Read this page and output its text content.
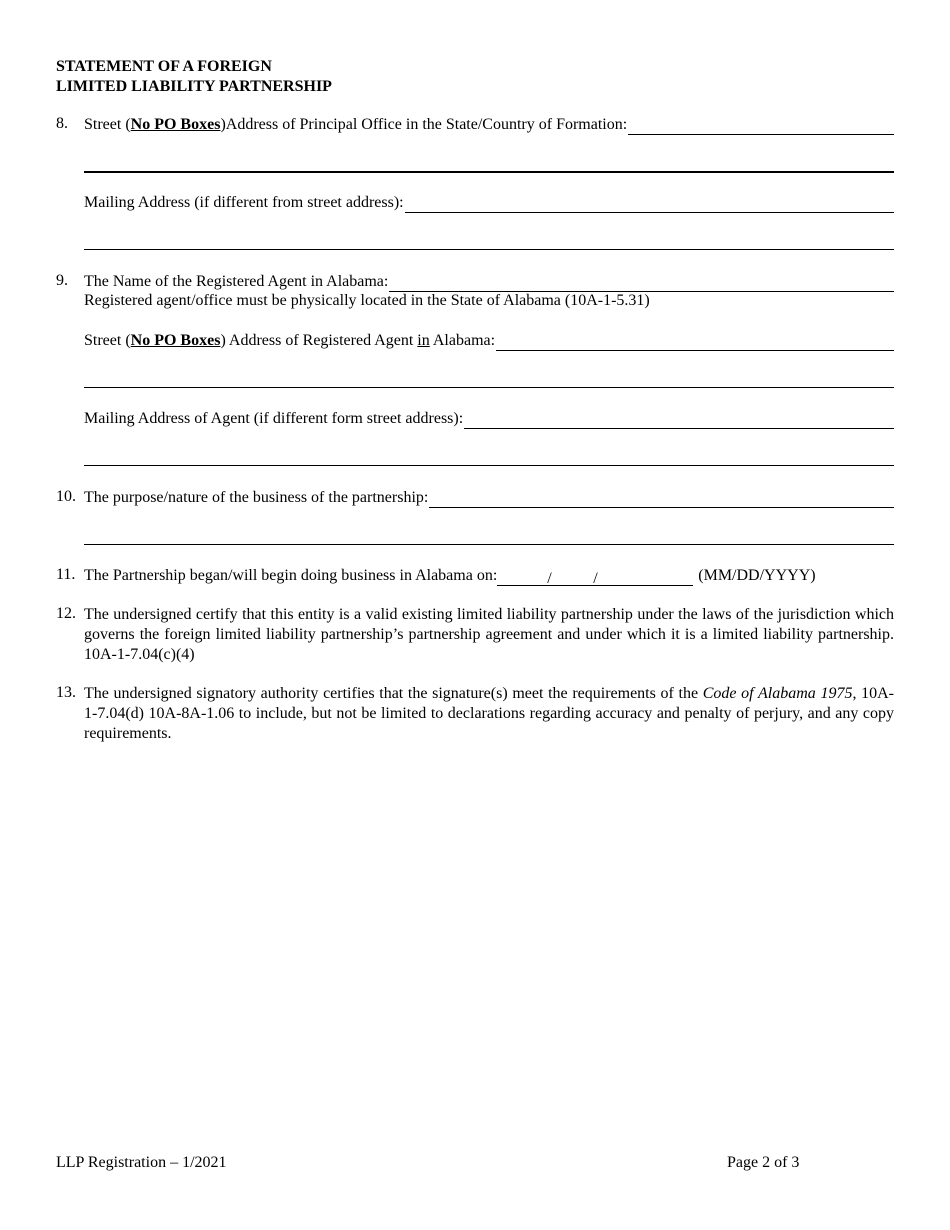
STATEMENT OF A FOREIGN
LIMITED LIABILITY PARTNERSHIP
8. Street (No PO Boxes)Address of Principal Office in the State/Country of Formation:
Mailing Address (if different from street address):
9. The Name of the Registered Agent in Alabama:
Registered agent/office must be physically located in the State of Alabama (10A-1-5.31)
Street (No PO Boxes) Address of Registered Agent in Alabama:
Mailing Address of Agent (if different form street address):
10. The purpose/nature of the business of the partnership:
11. The Partnership began/will begin doing business in Alabama on:	/	/	(MM/DD/YYYY)
12. The undersigned certify that this entity is a valid existing limited liability partnership under the laws of the jurisdiction which governs the foreign limited liability partnership’s partnership agreement and under which it is a limited liability partnership. 10A-1-7.04(c)(4)
13. The undersigned signatory authority certifies that the signature(s) meet the requirements of the Code of Alabama 1975, 10A-1-7.04(d) 10A-8A-1.06 to include, but not be limited to declarations regarding accuracy and penalty of perjury, and any copy requirements.
LLP Registration – 1/2021	Page 2 of 3
